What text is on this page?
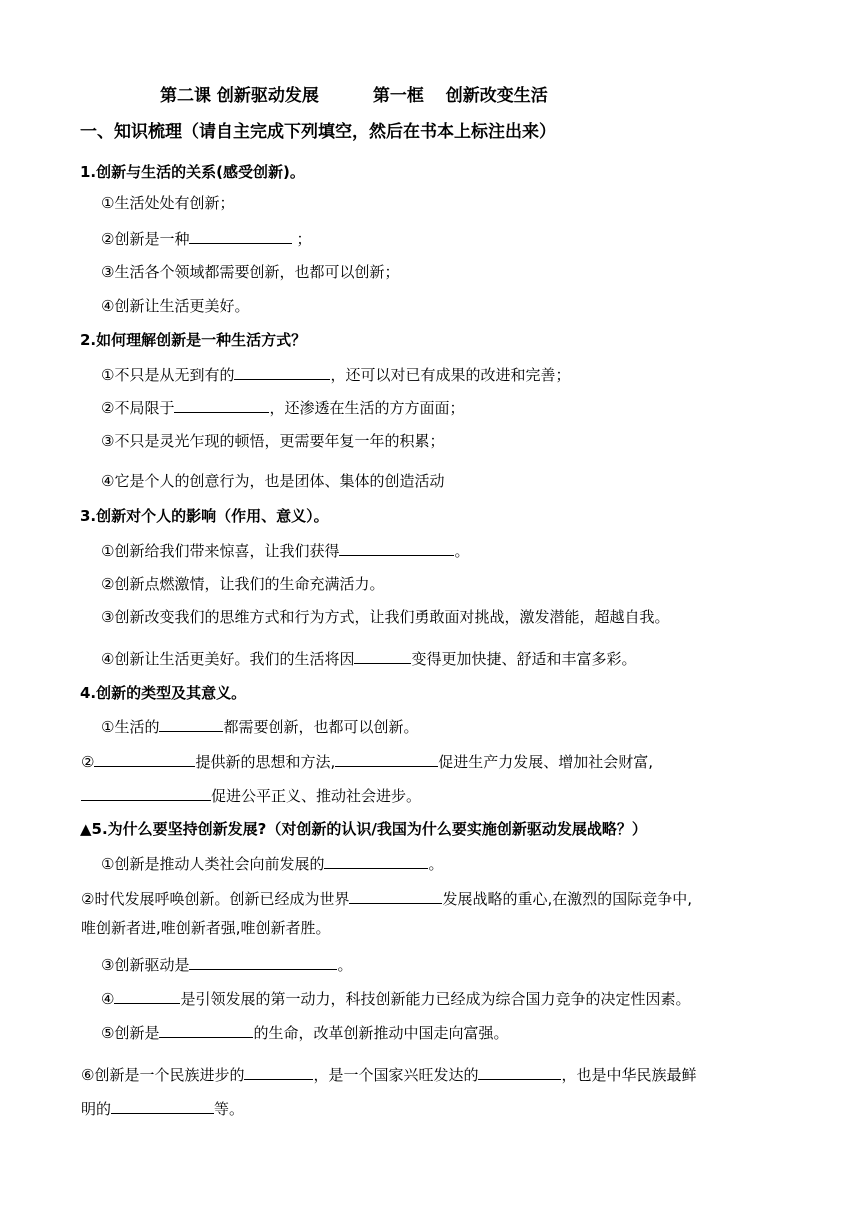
第二课 创新驱动发展	第一框 创新改变生活
一、知识梳理（请自主完成下列填空，然后在书本上标注出来）
1.创新与生活的关系(感受创新)。
①生活处处有创新；
②创新是一种	；
③生活各个领域都需要创新，也都可以创新；
④创新让生活更美好。
2.如何理解创新是一种生活方式？
①不只是从无到有的	，还可以对已有成果的改进和完善；
②不局限于	，还渗透在生活的方方面面；
③不只是灵光乍现的顿悟，更需要年复一年的积累；
④它是个人的创意行为，也是团体、集体的创造活动
3.创新对个人的影响（作用、意义）。
①创新给我们带来惊喜，让我们获得	。
②创新点燃激情，让我们的生命充满活力。
③创新改变我们的思维方式和行为方式，让我们勇敢面对挑战，激发潜能，超越自我。
④创新让生活更美好。我们的生活将因	变得更加快捷、舒适和丰富多彩。
4.创新的类型及其意义。
①生活的	都需要创新，也都可以创新。
②	提供新的思想和方法,	促进生产力发展、增加社会财富,
促进公平正义、推动社会进步。
▲5.为什么要坚持创新发展?（对创新的认识/我国为什么要实施创新驱动发展战略？）
①创新是推动人类社会向前发展的	。
②时代发展呼唤创新。创新已经成为世界	发展战略的重心,在激烈的国际竞争中,
唯创新者进,唯创新者强,唯创新者胜。
③创新驱动是	。
④	是引领发展的第一动力，科技创新能力已经成为综合国力竞争的决定性因素。
⑤创新是	的生命，改革创新推动中国走向富强。
⑥创新是一个民族进步的	，是一个国家兴旺发达的	，也是中华民族最鲜
明的	等。
